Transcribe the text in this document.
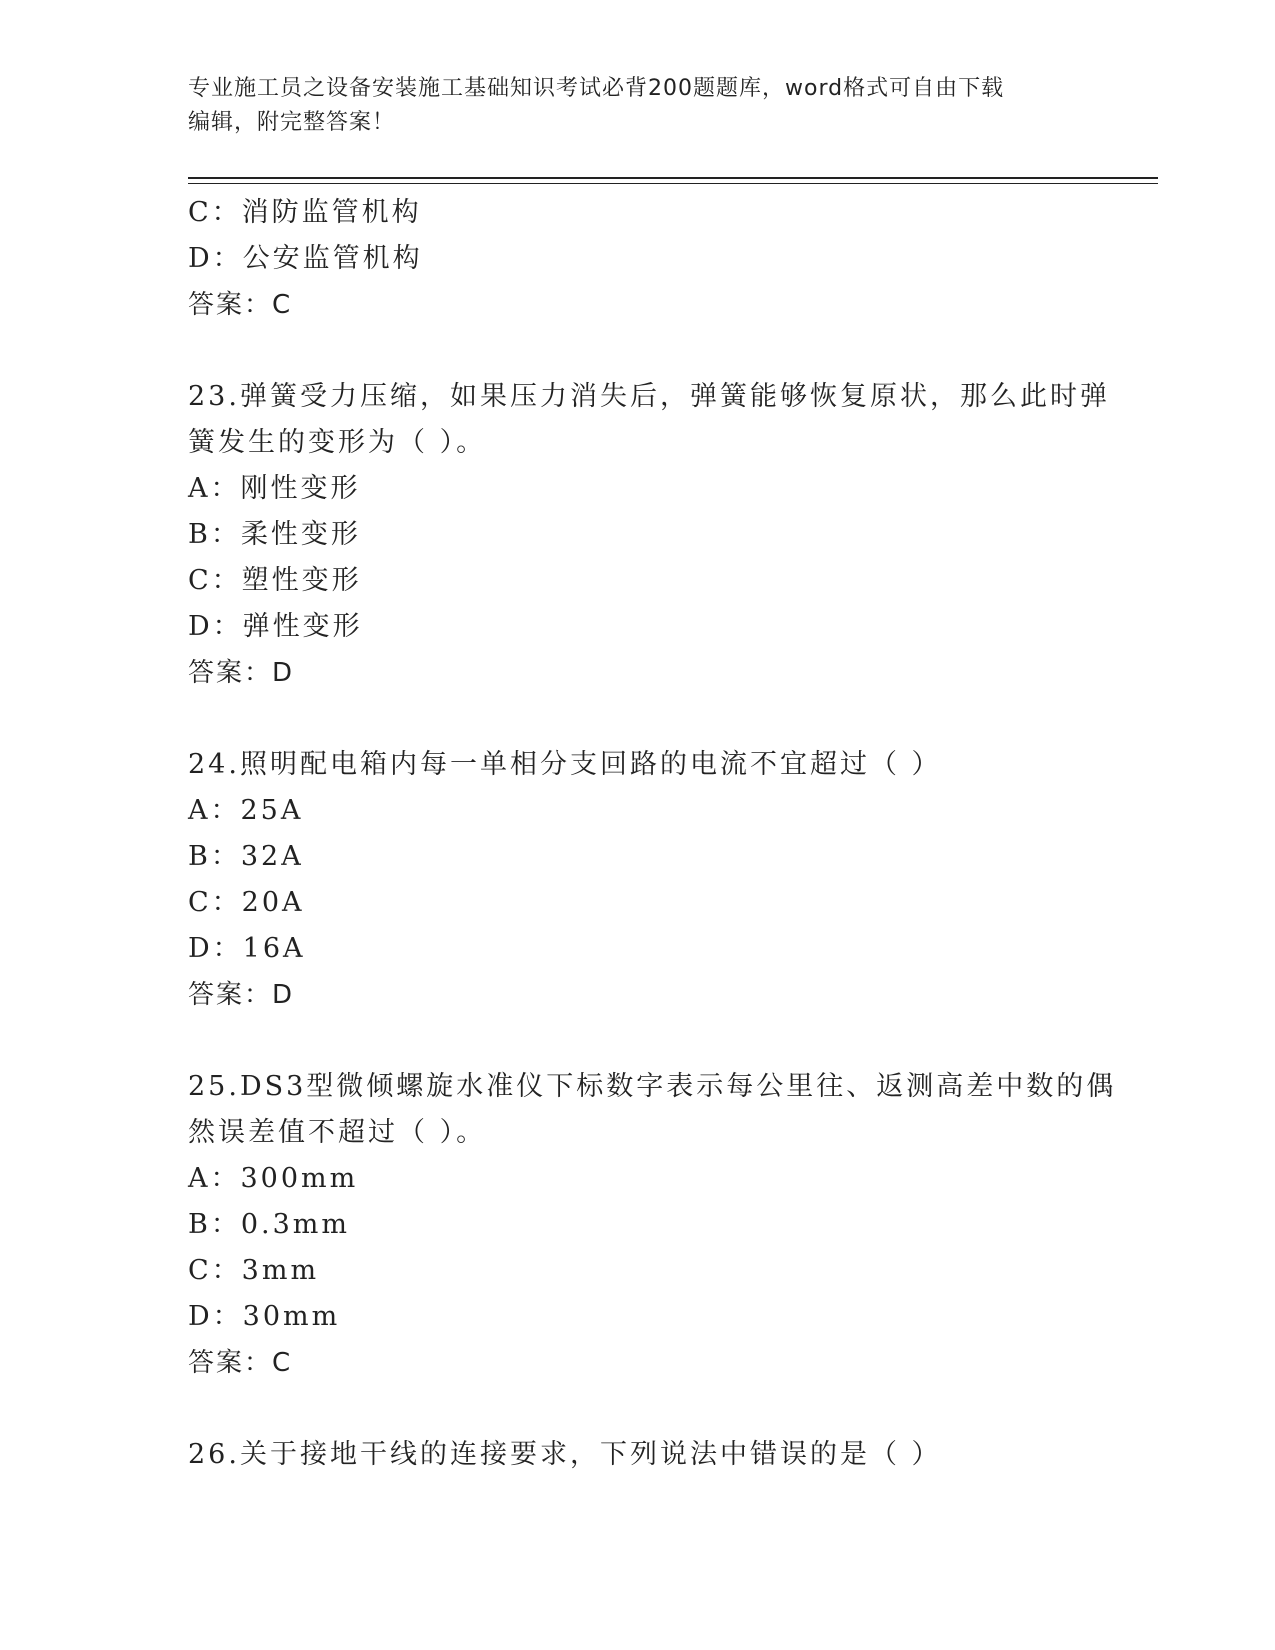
专业施工员之设备安装施工基础知识考试必背200题题库，word格式可自由下载
编辑，附完整答案！
C：消防监管机构
D：公安监管机构
答案：C
23.弹簧受力压缩，如果压力消失后，弹簧能够恢复原状，那么此时弹
簧发生的变形为（ ）。
A：刚性变形
B：柔性变形
C：塑性变形
D：弹性变形
答案：D
24.照明配电箱内每一单相分支回路的电流不宜超过（ ）
A：25A
B：32A
C：20A
D：16A
答案：D
25.DS3型微倾螺旋水准仪下标数字表示每公里往、返测高差中数的偶
然误差值不超过（ ）。
A：300mm
B：0.3mm
C：3mm
D：30mm
答案：C
26.关于接地干线的连接要求，下列说法中错误的是（ ）
